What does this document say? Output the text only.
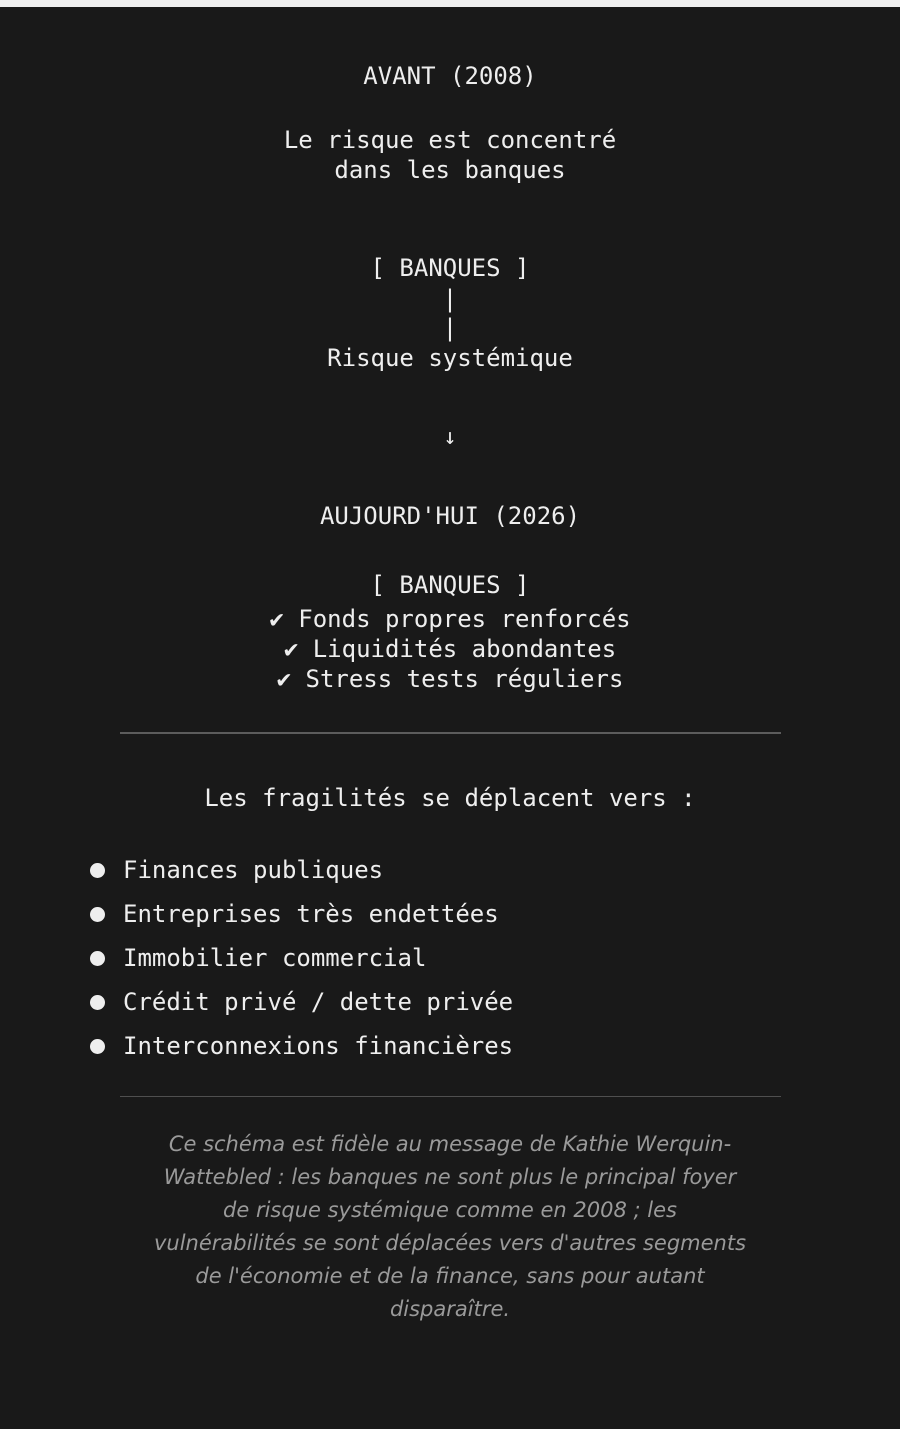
AVANT (2008)
Le risque est concentré
dans les banques
[ BANQUES ]
|
|
Risque systémique
↓
AUJOURD'HUI (2026)
[ BANQUES ]
✔ Fonds propres renforcés
✔ Liquidités abondantes
✔ Stress tests réguliers
Les fragilités se déplacent vers :
Finances publiques
Entreprises très endettées
Immobilier commercial
Crédit privé / dette privée
Interconnexions financières
Ce schéma est fidèle au message de Kathie Werquin-Wattebled : les banques ne sont plus le principal foyer de risque systémique comme en 2008 ; les vulnérabilités se sont déplacées vers d'autres segments de l'économie et de la finance, sans pour autant disparaître.
